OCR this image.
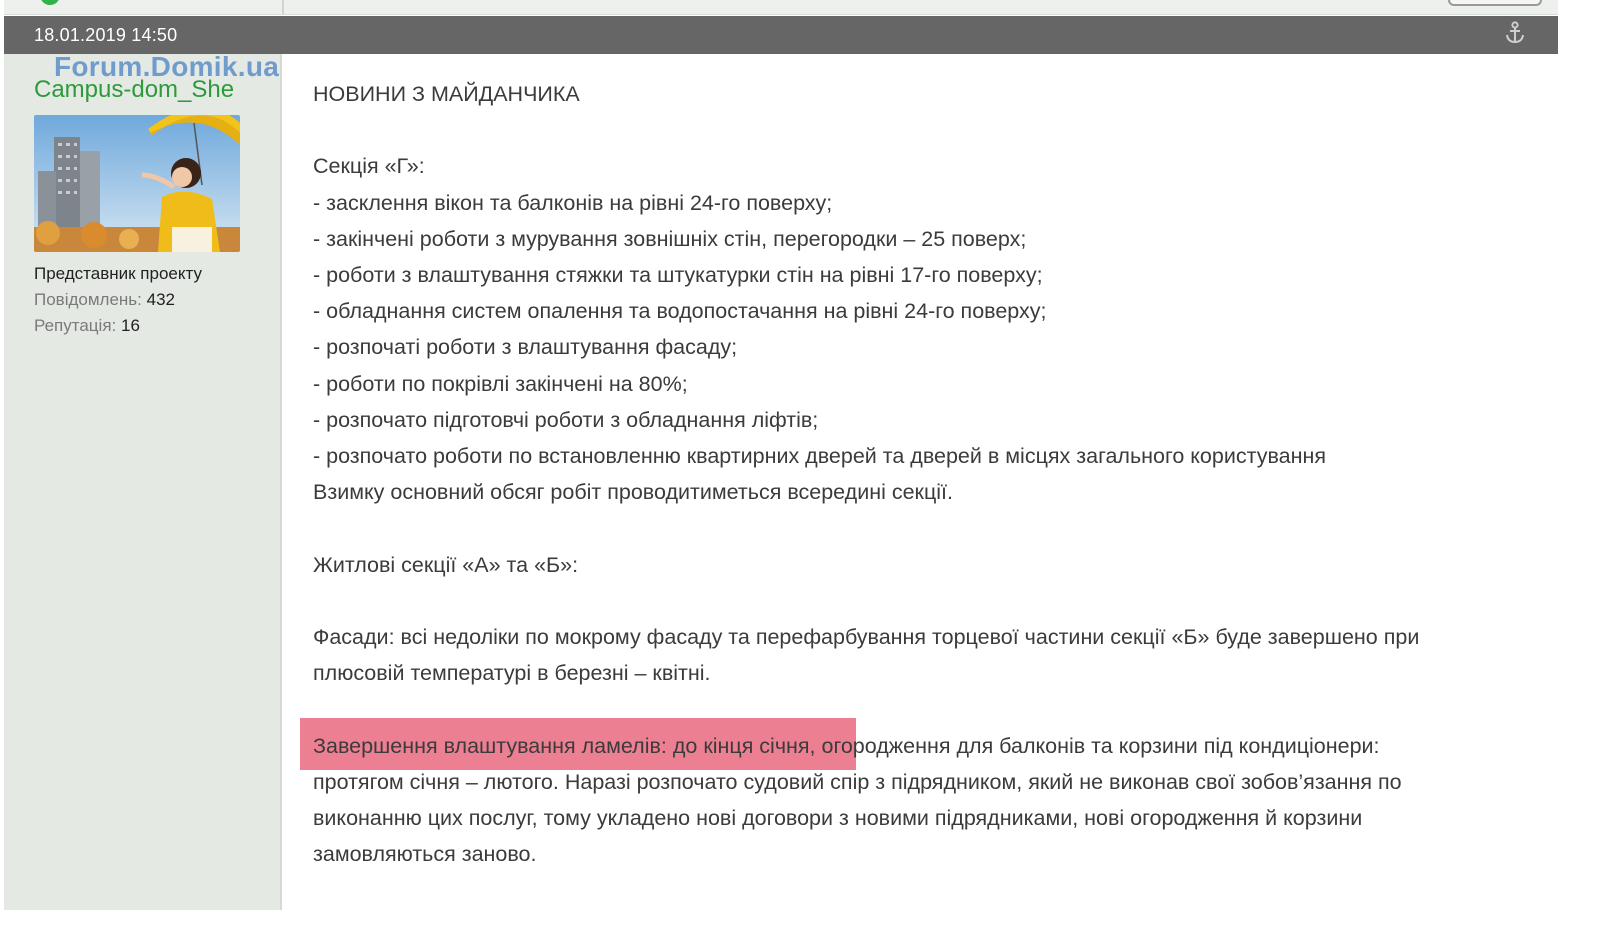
18.01.2019 14:50
Campus-dom_She
Представник проекту
Повідомлень: 432
Репутація: 16
Forum.Domik.ua

НОВИНИ З МАЙДАНЧИКА

Секція «Г»:

- засклення вікон та балконів на рівні 24-го поверху;

- закінчені роботи з мурування зовнішніх стін, перегородки – 25 поверх;

- роботи з влаштування стяжки та штукатурки стін на рівні 17-го поверху;

- обладнання систем опалення та водопостачання на рівні 24-го поверху;

- розпочаті роботи з влаштування фасаду;

- роботи по покрівлі закінчені на 80%;

- розпочато підготовчі роботи з обладнання ліфтів;

- розпочато роботи по встановленню квартирних дверей та дверей в місцях загального користування

Взимку основний обсяг робіт проводитиметься всередині секції.

Житлові секції «А» та «Б»:

Фасади: всі недоліки по мокрому фасаду та перефарбування торцевої частини секції «Б» буде завершено при

плюсовій температурі в березні – квітні.

Завершення влаштування ламелів: до кінця січня, огородження для балконів та корзини під кондиціонери:

протягом січня – лютого. Наразі розпочато судовий спір з підрядником, який не виконав свої зобов’язання по

виконанню цих послуг, тому укладено нові договори з новими підрядниками, нові огородження й корзини

замовляються заново.
